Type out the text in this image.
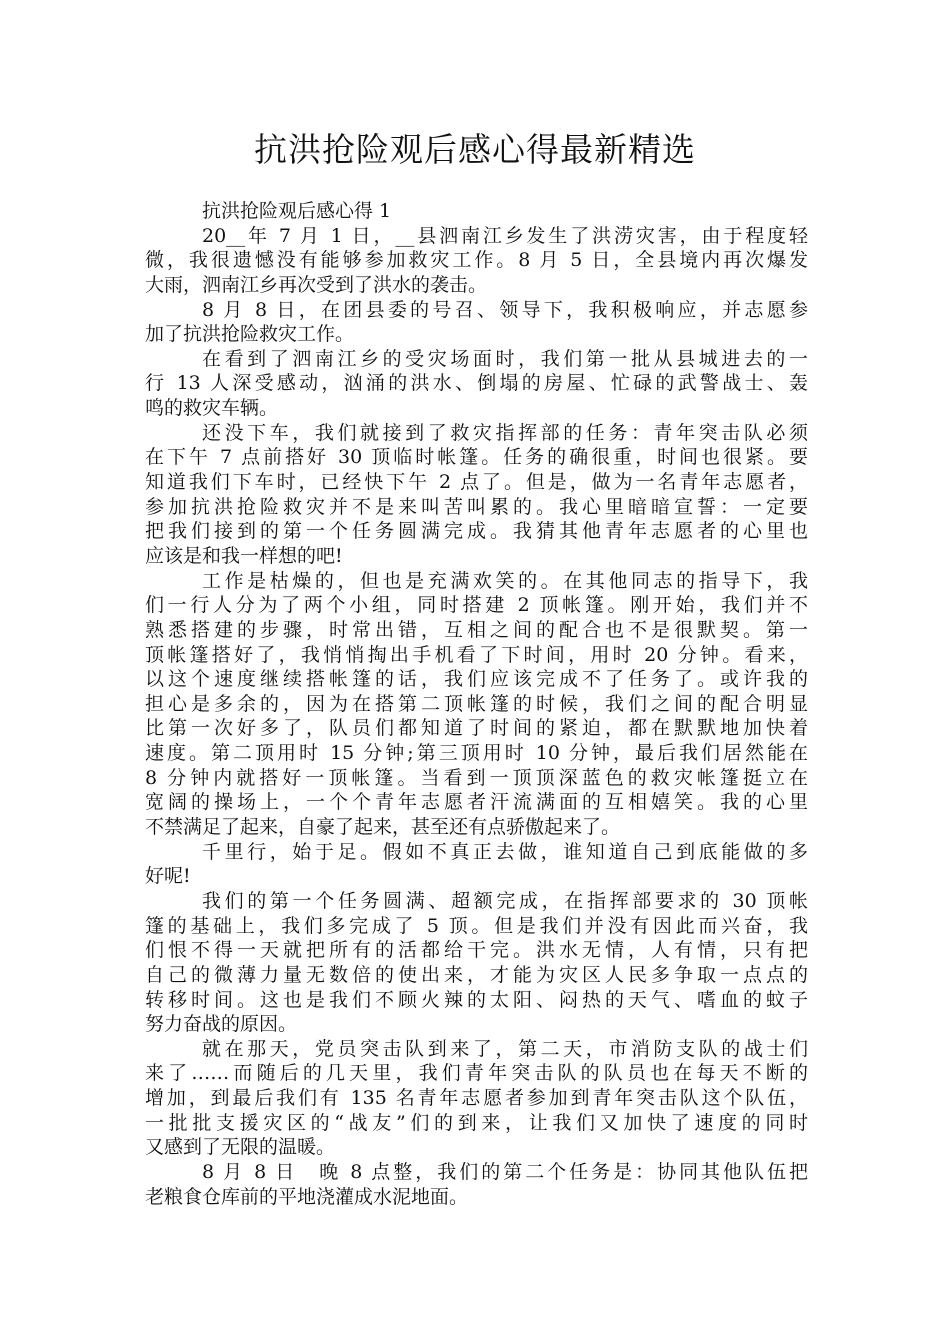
抗洪抢险观后感心得最新精选
抗洪抢险观后感心得 1
20__年 7 月 1 日，__县泗南江乡发生了洪涝灾害，由于程度轻
微，我很遗憾没有能够参加救灾工作。8 月 5 日，全县境内再次爆发
大雨，泗南江乡再次受到了洪水的袭击。
8 月 8 日，在团县委的号召、领导下，我积极响应，并志愿参
加了抗洪抢险救灾工作。
在看到了泗南江乡的受灾场面时，我们第一批从县城进去的一
行 13 人深受感动，汹涌的洪水、倒塌的房屋、忙碌的武警战士、轰
鸣的救灾车辆。
还没下车，我们就接到了救灾指挥部的任务：青年突击队必须
在下午 7 点前搭好 30 顶临时帐篷。任务的确很重，时间也很紧。要
知道我们下车时，已经快下午 2 点了。但是，做为一名青年志愿者，
参加抗洪抢险救灾并不是来叫苦叫累的。我心里暗暗宣誓：一定要
把我们接到的第一个任务圆满完成。我猜其他青年志愿者的心里也
应该是和我一样想的吧!
工作是枯燥的，但也是充满欢笑的。在其他同志的指导下，我
们一行人分为了两个小组，同时搭建 2 顶帐篷。刚开始，我们并不
熟悉搭建的步骤，时常出错，互相之间的配合也不是很默契。第一
顶帐篷搭好了，我悄悄掏出手机看了下时间，用时 20 分钟。看来，
以这个速度继续搭帐篷的话，我们应该完成不了任务了。或许我的
担心是多余的，因为在搭第二顶帐篷的时候，我们之间的配合明显
比第一次好多了，队员们都知道了时间的紧迫，都在默默地加快着
速度。第二顶用时 15 分钟;第三顶用时 10 分钟，最后我们居然能在
8 分钟内就搭好一顶帐篷。当看到一顶顶深蓝色的救灾帐篷挺立在
宽阔的操场上，一个个青年志愿者汗流满面的互相嬉笑。我的心里
不禁满足了起来，自豪了起来，甚至还有点骄傲起来了。
千里行，始于足。假如不真正去做，谁知道自己到底能做的多
好呢!
我们的第一个任务圆满、超额完成，在指挥部要求的 30 顶帐
篷的基础上，我们多完成了 5 顶。但是我们并没有因此而兴奋，我
们恨不得一天就把所有的活都给干完。洪水无情，人有情，只有把
自己的微薄力量无数倍的使出来，才能为灾区人民多争取一点点的
转移时间。这也是我们不顾火辣的太阳、闷热的天气、嗜血的蚊子
努力奋战的原因。
就在那天，党员突击队到来了，第二天，市消防支队的战士们
来了……而随后的几天里，我们青年突击队的队员也在每天不断的
增加，到最后我们有 135 名青年志愿者参加到青年突击队这个队伍，
一批批支援灾区的“战友”们的到来，让我们又加快了速度的同时
又感到了无限的温暖。
8 月 8 日　晚 8 点整，我们的第二个任务是：协同其他队伍把
老粮食仓库前的平地浇灌成水泥地面。
